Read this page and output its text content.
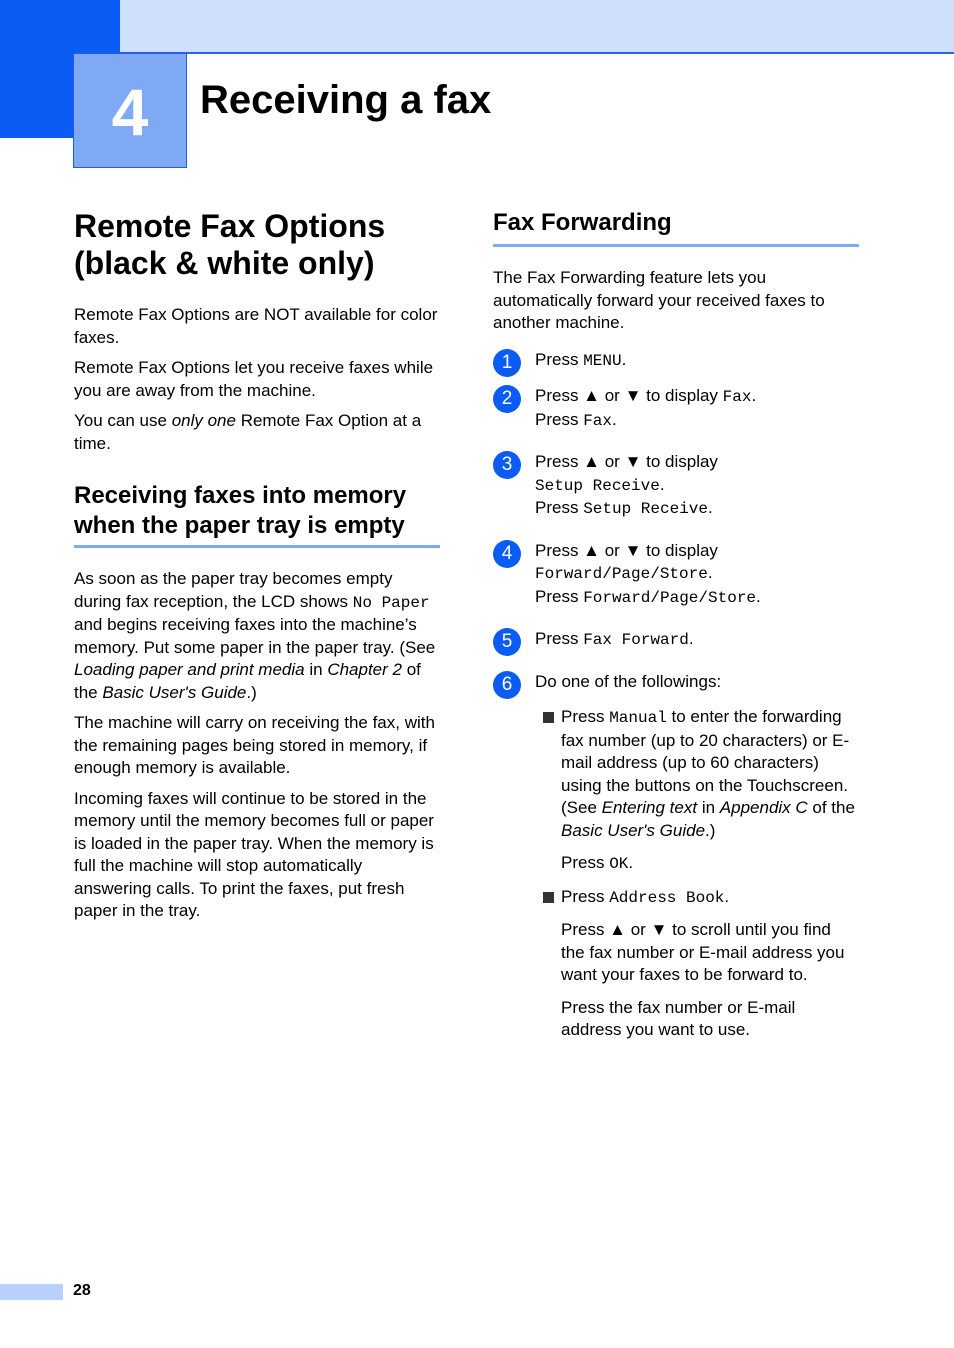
4	Receiving a fax
Remote Fax Options
(black & white only)

Remote Fax Options are NOT available for color faxes.

Remote Fax Options let you receive faxes while you are away from the machine.

You can use only one Remote Fax Option at a time.

Receiving faxes into memory
when the paper tray is empty

As soon as the paper tray becomes empty during fax reception, the LCD shows No Paper and begins receiving faxes into the machine’s memory. Put some paper in the paper tray. (See Loading paper and print media in Chapter 2 of the Basic User's Guide.)

The machine will carry on receiving the fax, with the remaining pages being stored in memory, if enough memory is available.

Incoming faxes will continue to be stored in the memory until the memory becomes full or paper is loaded in the paper tray. When the memory is full the machine will stop automatically answering calls. To print the faxes, put fresh paper in the tray.

Fax Forwarding

The Fax Forwarding feature lets you automatically forward your received faxes to another machine.

1	Press MENU.
2	Press ▲ or ▼ to display Fax.
Press Fax.
3	Press ▲ or ▼ to display
Setup Receive.
Press Setup Receive.
4	Press ▲ or ▼ to display
Forward/Page/Store.
Press Forward/Page/Store.
5	Press Fax Forward.
6	Do one of the followings:
Press Manual to enter the forwarding fax number (up to 20 characters) or E-mail address (up to 60 characters) using the buttons on the Touchscreen. (See Entering text in Appendix C of the Basic User's Guide.)
Press OK.
Press Address Book.
Press ▲ or ▼ to scroll until you find the fax number or E-mail address you want your faxes to be forward to.
Press the fax number or E-mail address you want to use.
28
